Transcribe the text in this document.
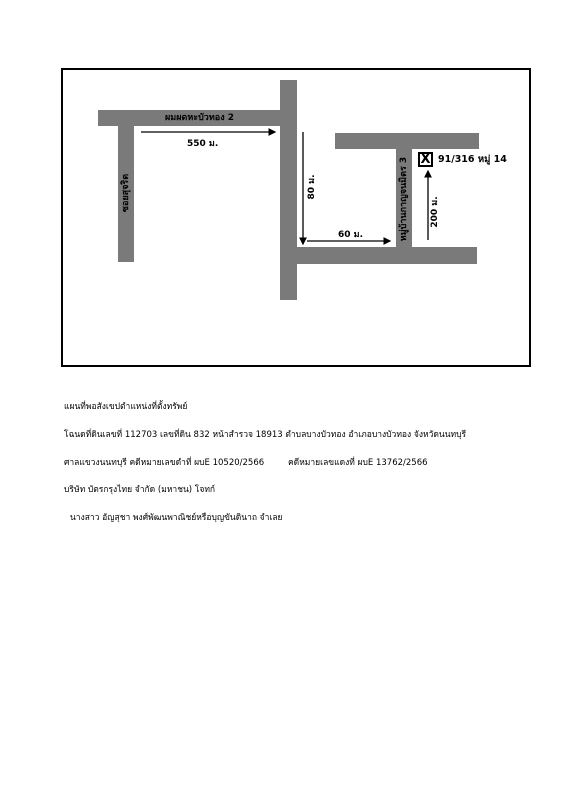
ผมผดหะบัวทอง 2
ซอยสุจริต	หมู่บ้านกาญจนมิตร 3
550 ม.
80 ม.
60 ม.
200 ม.
X 91/316 หมู่ 14
แผนที่พอสังเขปตำแหน่งที่ตั้งทรัพย์
โฉนดที่ดินเลขที่ 112703 เลขที่ดิน 832 หน้าสำรวจ 18913 ตำบลบางบัวทอง อำเภอบางบัวทอง จังหวัดนนทบุรี
ศาลแขวงนนทบุรี คดีหมายเลขดำที่ ผบE 10520/2566	คดีหมายเลขแดงที่ ผบE 13762/2566
บริษัท บัตรกรุงไทย จำกัด (มหาชน) โจทก์
นางสาว อัญสุชา พงศ์พัฒนพาณิชย์หรือบุญขันดินาถ จำเลย
